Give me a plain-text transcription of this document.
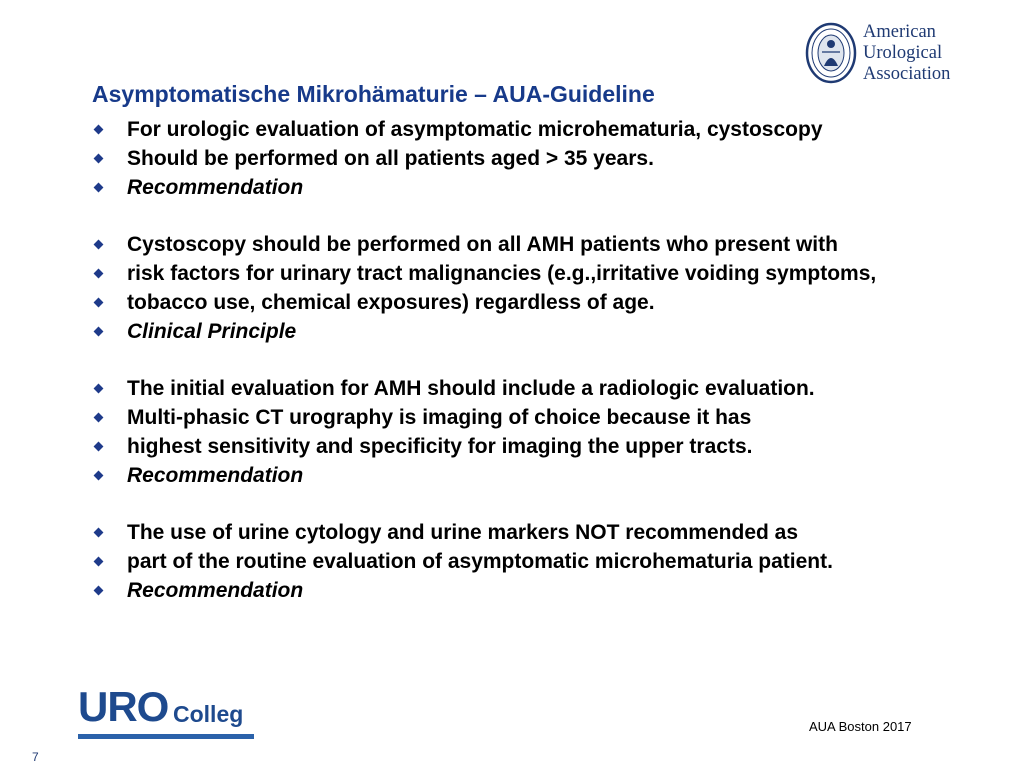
American
Urological
Association
Asymptomatische Mikrohämaturie – AUA-Guideline
For urologic evaluation of asymptomatic microhematuria, cystoscopy
Should be performed on all patients aged > 35 years.
Recommendation
Cystoscopy should be performed on all AMH patients who present with
risk factors for urinary tract malignancies (e.g.,irritative voiding symptoms,
tobacco use, chemical exposures) regardless of age.
Clinical Principle
The initial evaluation for AMH should include a radiologic evaluation.
Multi-phasic CT urography is imaging of choice because it has
highest sensitivity and specificity for imaging the upper tracts.
Recommendation
The use of urine cytology and urine markers NOT recommended as
part of the routine evaluation of asymptomatic microhematuria patient.
Recommendation
URO Colleg	AUA Boston 2017
7
